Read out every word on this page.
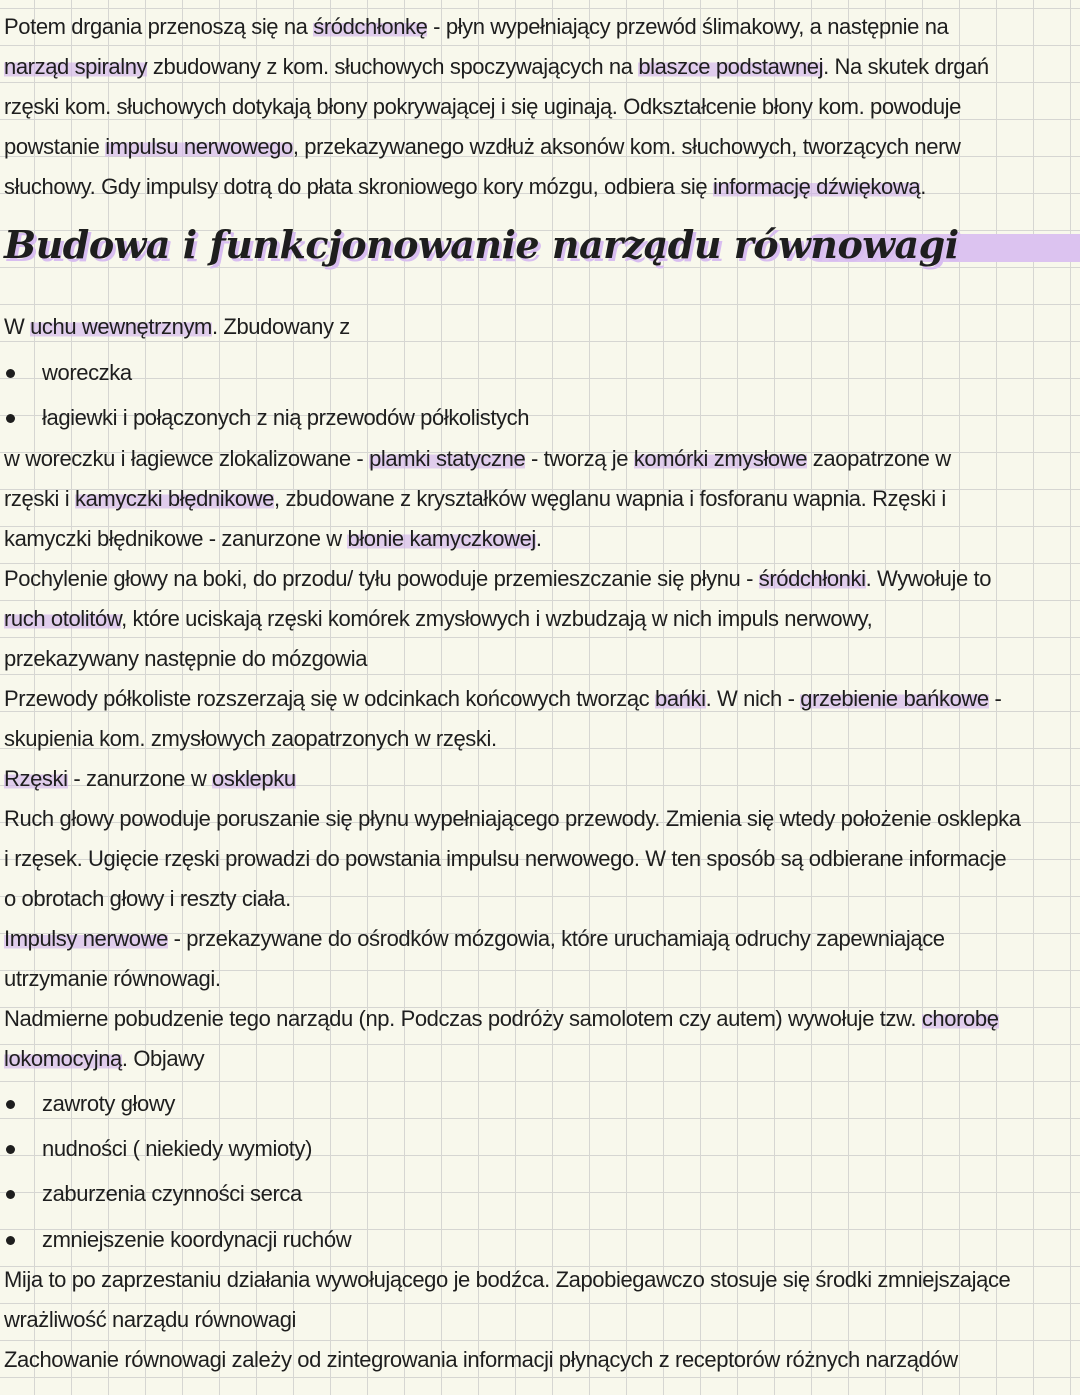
Budowa i funkcjonowanie narządu równowagi
Potem drgania przenoszą się na śródchłonkę - płyn wypełniający przewód ślimakowy, a następnie na
narząd spiralny zbudowany z kom. słuchowych spoczywających na blaszce podstawnej. Na skutek drgań
rzęski kom. słuchowych dotykają błony pokrywającej i się uginają. Odkształcenie błony kom. powoduje
powstanie impulsu nerwowego, przekazywanego wzdłuż aksonów kom. słuchowych, tworzących nerw
słuchowy. Gdy impulsy dotrą do płata skroniowego kory mózgu, odbiera się informację dźwiękową.
W uchu wewnętrznym. Zbudowany z
woreczka
łagiewki i połączonych z nią przewodów półkolistych
w woreczku i łagiewce zlokalizowane - plamki statyczne - tworzą je komórki zmysłowe zaopatrzone w
rzęski i kamyczki błędnikowe, zbudowane z kryształków węglanu wapnia i fosforanu wapnia. Rzęski i
kamyczki błędnikowe - zanurzone w błonie kamyczkowej.
Pochylenie głowy na boki, do przodu/ tyłu powoduje przemieszczanie się płynu - śródchłonki. Wywołuje to
ruch otolitów, które uciskają rzęski komórek zmysłowych i wzbudzają w nich impuls nerwowy,
przekazywany następnie do mózgowia
Przewody półkoliste rozszerzają się w odcinkach końcowych tworząc bańki. W nich - grzebienie bańkowe -
skupienia kom. zmysłowych zaopatrzonych w rzęski.
Rzęski - zanurzone w osklepku
Ruch głowy powoduje poruszanie się płynu wypełniającego przewody. Zmienia się wtedy położenie osklepka
i rzęsek. Ugięcie rzęski prowadzi do powstania impulsu nerwowego. W ten sposób są odbierane informacje
o obrotach głowy i reszty ciała.
Impulsy nerwowe - przekazywane do ośrodków mózgowia, które uruchamiają odruchy zapewniające
utrzymanie równowagi.
Nadmierne pobudzenie tego narządu (np. Podczas podróży samolotem czy autem) wywołuje tzw. chorobę
lokomocyjną. Objawy
zawroty głowy
nudności ( niekiedy wymioty)
zaburzenia czynności serca
zmniejszenie koordynacji ruchów
Mija to po zaprzestaniu działania wywołującego je bodźca. Zapobiegawczo stosuje się środki zmniejszające
wrażliwość narządu równowagi
Zachowanie równowagi zależy od zintegrowania informacji płynących z receptorów różnych narządów
